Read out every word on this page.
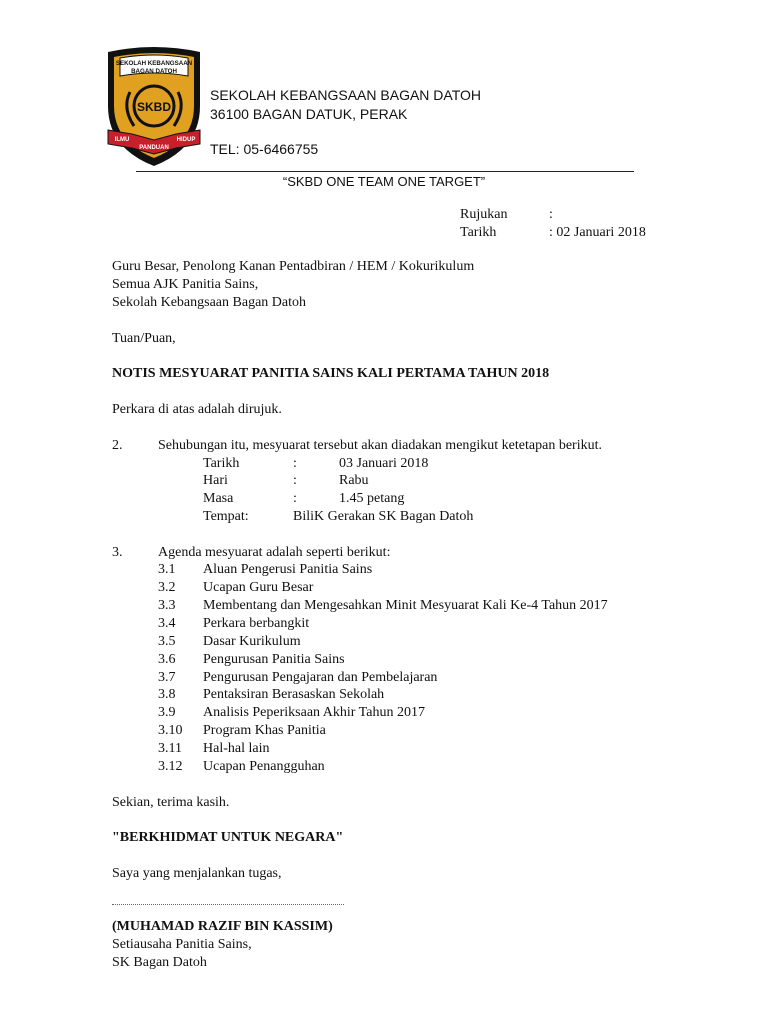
SEKOLAH KEBANGSAAN
BAGAN DATOH
SKBD
ILMU
PANDUAN
HIDUP
SEKOLAH KEBANGSAAN BAGAN DATOH
36100 BAGAN DATUK, PERAK
TEL: 05-6466755
“SKBD ONE TEAM ONE TARGET”
Rujukan	:
Tarikh	: 02 Januari 2018
Guru Besar, Penolong Kanan Pentadbiran / HEM / Kokurikulum
Semua AJK Panitia Sains,
Sekolah Kebangsaan Bagan Datoh
Tuan/Puan,
NOTIS MESYUARAT PANITIA SAINS KALI PERTAMA TAHUN 2018
Perkara di atas adalah dirujuk.
2.	Sehubungan itu, mesyuarat tersebut akan diadakan mengikut ketetapan berikut.
Tarikh	:	03 Januari 2018
Hari	:	Rabu
Masa	:	1.45 petang
Tempat:	BiliK Gerakan SK Bagan Datoh
3.	Agenda mesyuarat adalah seperti berikut:
3.1 Aluan Pengerusi Panitia Sains
3.2 Ucapan Guru Besar
3.3 Membentang dan Mengesahkan Minit Mesyuarat Kali Ke-4 Tahun 2017
3.4 Perkara berbangkit
3.5 Dasar Kurikulum
3.6 Pengurusan Panitia Sains
3.7 Pengurusan Pengajaran dan Pembelajaran
3.8 Pentaksiran Berasaskan Sekolah
3.9 Analisis Peperiksaan Akhir Tahun 2017
3.10 Program Khas Panitia
3.11 Hal-hal lain
3.12 Ucapan Penangguhan
Sekian, terima kasih.
"BERKHIDMAT UNTUK NEGARA"
Saya yang menjalankan tugas,
(MUHAMAD RAZIF BIN KASSIM)
Setiausaha Panitia Sains,
SK Bagan Datoh
